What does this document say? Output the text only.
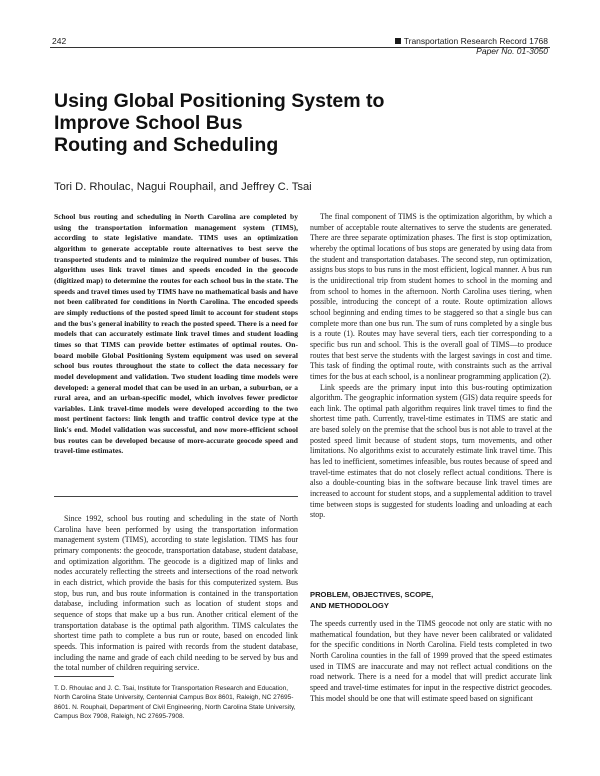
242	Transportation Research Record 1768
Paper No. 01-3050
Using Global Positioning System to
Improve School Bus
Routing and Scheduling
Tori D. Rhoulac, Nagui Rouphail, and Jeffrey C. Tsai

School bus routing and scheduling in North Carolina are completed by using the transportation information management system (TIMS), according to state legislative mandate. TIMS uses an optimization algorithm to generate acceptable route alternatives to best serve the transported students and to minimize the required number of buses. This algorithm uses link travel times and speeds encoded in the geocode (digitized map) to determine the routes for each school bus in the state. The speeds and travel times used by TIMS have no mathematical basis and have not been calibrated for conditions in North Carolina. The encoded speeds are simply reductions of the posted speed limit to account for student stops and the bus's general inability to reach the posted speed. There is a need for models that can accurately estimate link travel times and student loading times so that TIMS can provide better estimates of optimal routes. On-board mobile Global Positioning System equipment was used on several school bus routes throughout the state to collect the data necessary for model development and validation. Two student loading time models were developed: a general model that can be used in an urban, a suburban, or a rural area, and an urban-specific model, which involves fewer predictor variables. Link travel-time models were developed according to the two most pertinent factors: link length and traffic control device type at the link's end. Model validation was successful, and now more-efficient school bus routes can be developed because of more-accurate geocode speed and travel-time estimates.

Since 1992, school bus routing and scheduling in the state of North Carolina have been performed by using the transportation information management system (TIMS), according to state legislation. TIMS has four primary components: the geocode, transportation database, student database, and optimization algorithm. The geocode is a digitized map of links and nodes accurately reflecting the streets and intersections of the road network in each district, which provide the basis for this computerized system. Bus stop, bus run, and bus route information is contained in the transportation database, including information such as location of student stops and sequence of stops that make up a bus run. Another critical element of the transportation database is the optimal path algorithm. TIMS calculates the shortest time path to complete a bus run or route, based on encoded link speeds. This information is paired with records from the student database, including the name and grade of each child needing to be served by bus and the total number of children requiring service.

T. D. Rhoulac and J. C. Tsai, Institute for Transportation Research and Education, North Carolina State University, Centennial Campus Box 8601, Raleigh, NC 27695-8601. N. Rouphail, Department of Civil Engineering, North Carolina State University, Campus Box 7908, Raleigh, NC 27695-7908.

The final component of TIMS is the optimization algorithm, by which a number of acceptable route alternatives to serve the students are generated. There are three separate optimization phases. The first is stop optimization, whereby the optimal locations of bus stops are generated by using data from the student and transportation databases. The second step, run optimization, assigns bus stops to bus runs in the most efficient, logical manner. A bus run is the unidirectional trip from student homes to school in the morning and from school to homes in the afternoon. North Carolina uses tiering, when possible, introducing the concept of a route. Route optimization allows school beginning and ending times to be staggered so that a single bus can complete more than one bus run. The sum of runs completed by a single bus is a route (1). Routes may have several tiers, each tier corresponding to a specific bus run and school. This is the overall goal of TIMS—to produce routes that best serve the students with the largest savings in cost and time. This task of finding the optimal route, with constraints such as the arrival times for the bus at each school, is a nonlinear programming application (2).

Link speeds are the primary input into this bus-routing optimization algorithm. The geographic information system (GIS) data require speeds for each link. The optimal path algorithm requires link travel times to find the shortest time path. Currently, travel-time estimates in TIMS are static and are based solely on the premise that the school bus is not able to travel at the posted speed limit because of student stops, turn movements, and other limitations. No algorithms exist to accurately estimate link travel time. This has led to inefficient, sometimes infeasible, bus routes because of speed and travel-time estimates that do not closely reflect actual conditions. There is also a double-counting bias in the software because link travel times are increased to account for student stops, and a supplemental addition to travel time between stops is suggested for students loading and unloading at each stop.

PROBLEM, OBJECTIVES, SCOPE,
AND METHODOLOGY

The speeds currently used in the TIMS geocode not only are static with no mathematical foundation, but they have never been calibrated or validated for the specific conditions in North Carolina. Field tests completed in two North Carolina counties in the fall of 1999 proved that the speed estimates used in TIMS are inaccurate and may not reflect actual conditions on the road network. There is a need for a model that will predict accurate link speed and travel-time estimates for input in the respective district geocodes. This model should be one that will estimate speed based on significant
